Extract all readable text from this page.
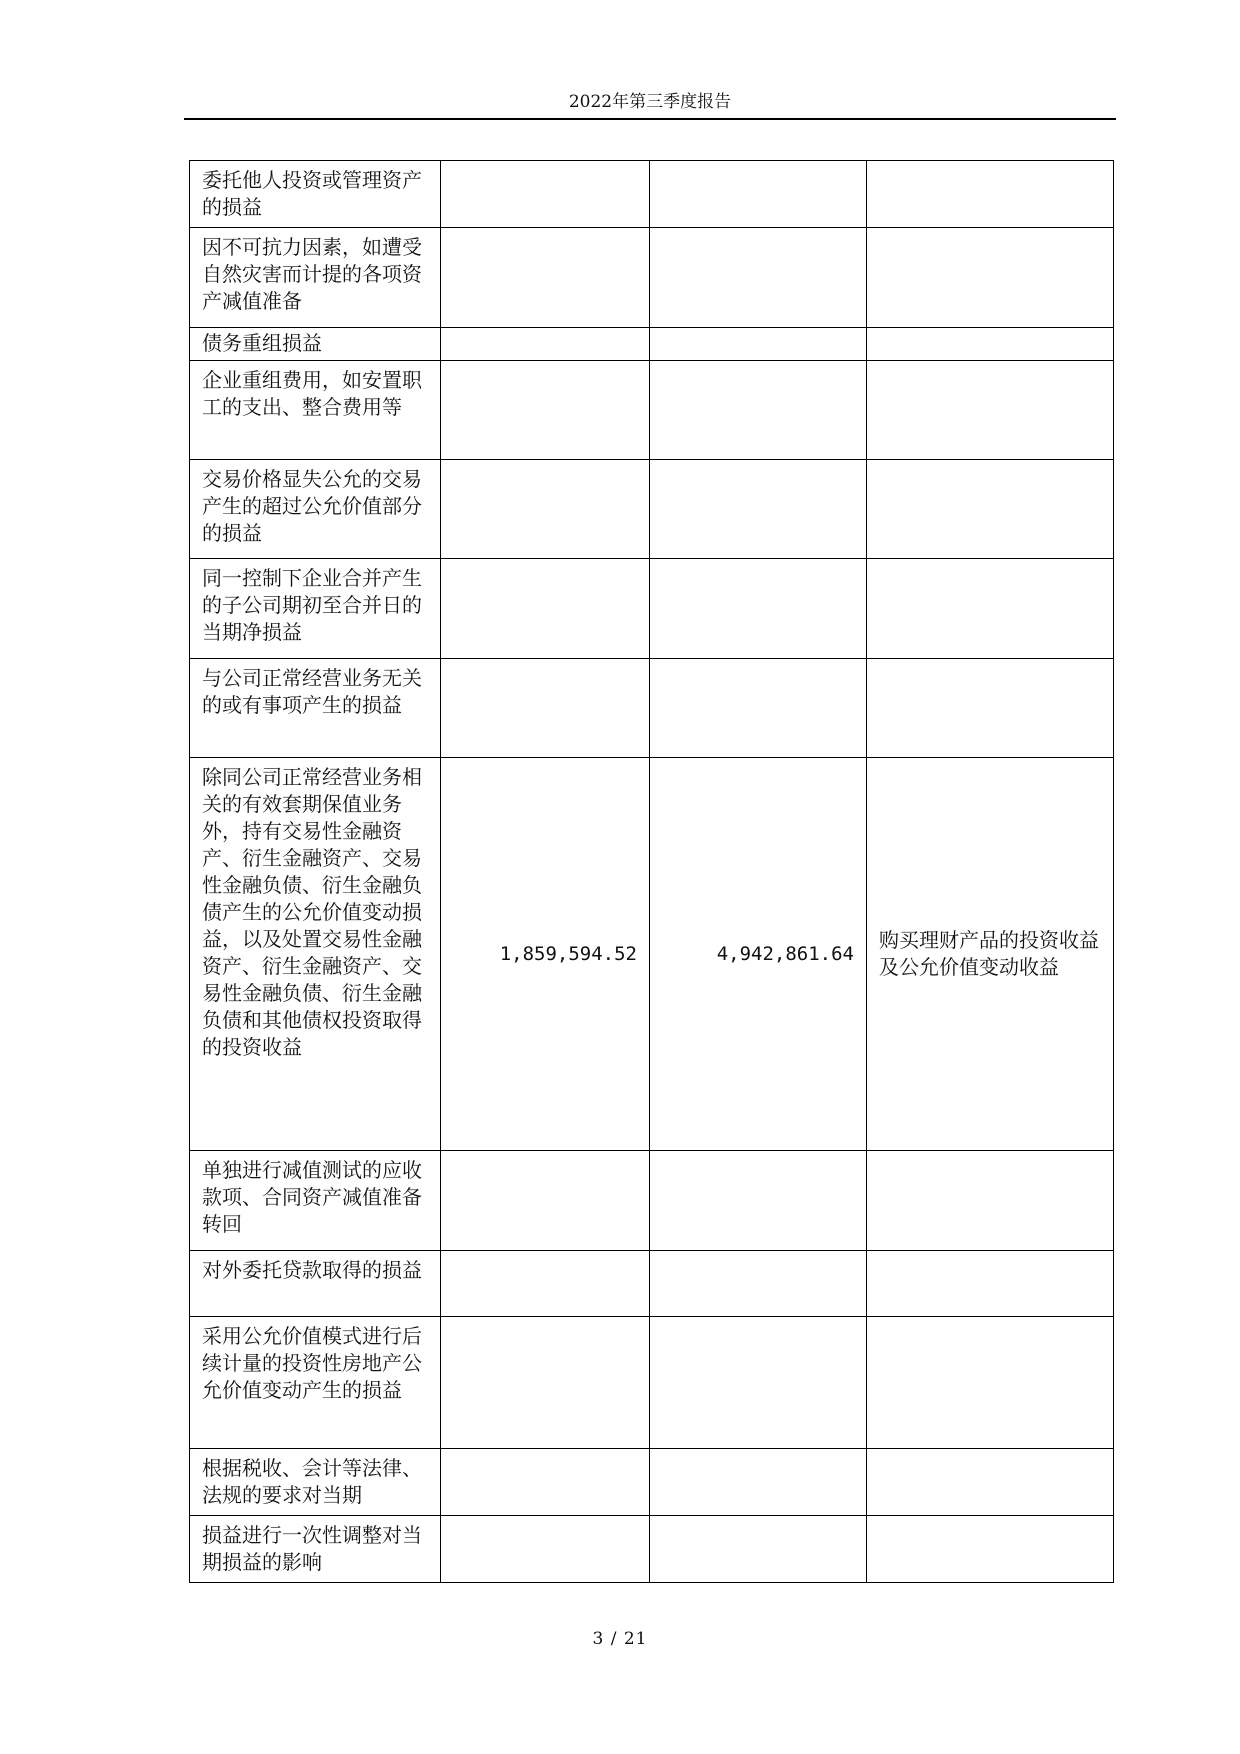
2022年第三季度报告
委托他人投资或管理资产的损益			
因不可抗力因素，如遭受自然灾害而计提的各项资产减值准备			
债务重组损益			
企业重组费用，如安置职工的支出、整合费用等			
交易价格显失公允的交易产生的超过公允价值部分的损益			
同一控制下企业合并产生的子公司期初至合并日的当期净损益			
与公司正常经营业务无关的或有事项产生的损益			
除同公司正常经营业务相关的有效套期保值业务外，持有交易性金融资产、衍生金融资产、交易性金融负债、衍生金融负债产生的公允价值变动损益，以及处置交易性金融资产、衍生金融资产、交易性金融负债、衍生金融负债和其他债权投资取得的投资收益	1,859,594.52	4,942,861.64	购买理财产品的投资收益及公允价值变动收益
单独进行减值测试的应收款项、合同资产减值准备转回			
对外委托贷款取得的损益			
采用公允价值模式进行后续计量的投资性房地产公允价值变动产生的损益			
根据税收、会计等法律、法规的要求对当期			
损益进行一次性调整对当期损益的影响			
3 / 21
